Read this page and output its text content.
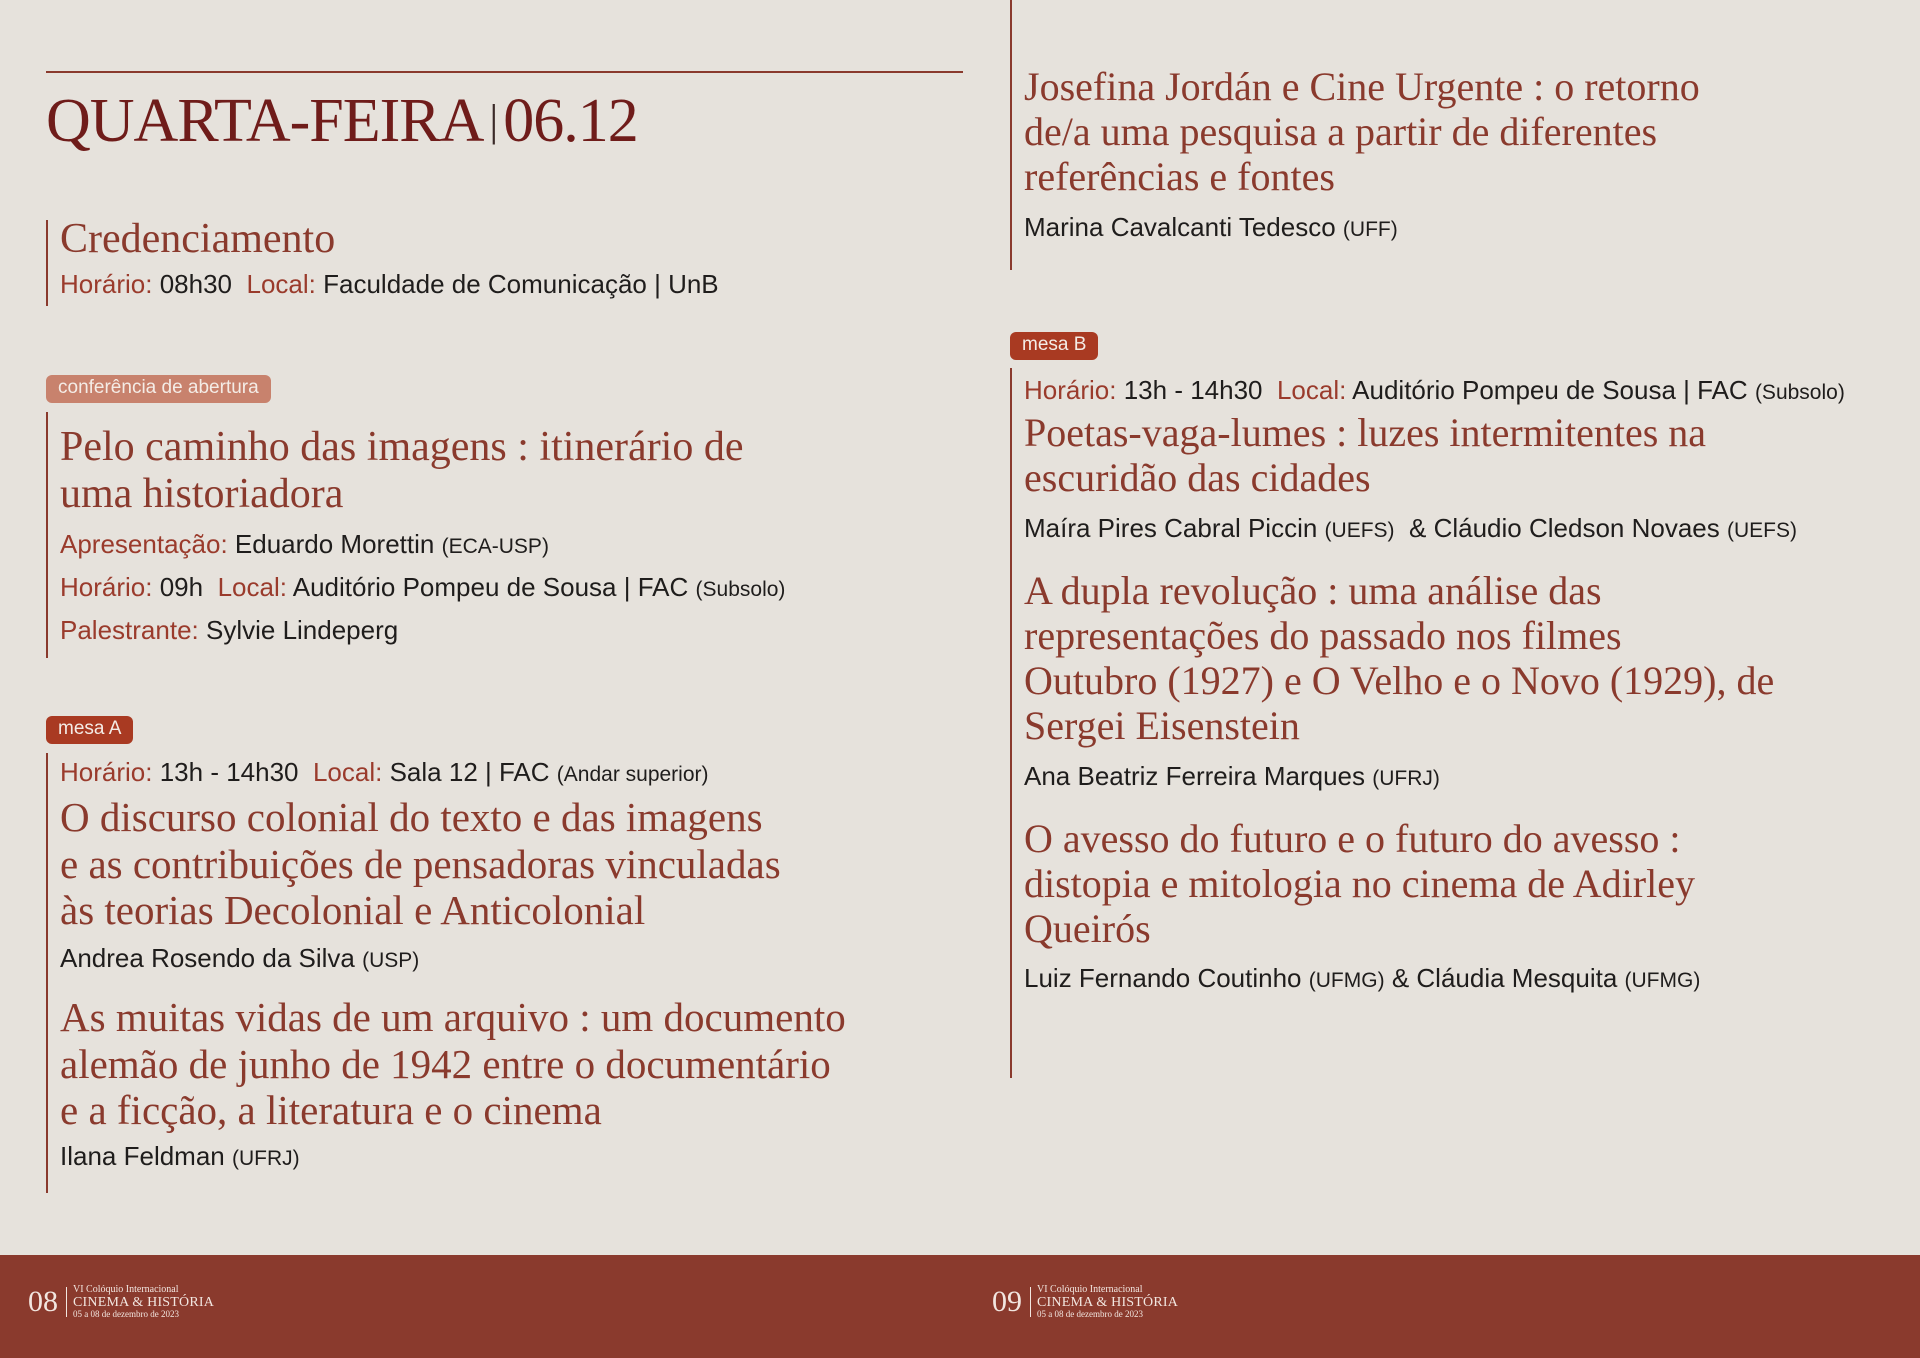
QUARTA-FEIRA |06.12
Credenciamento

Horário: 08h30 Local: Faculdade de Comunicação | UnB

conferência de abertura
Pelo caminho das imagens : itinerário de
uma historiadora

Apresentação: Eduardo Morettin (ECA-USP)

Horário: 09h Local: Auditório Pompeu de Sousa | FAC (Subsolo)

Palestrante: Sylvie Lindeperg

mesa A

Horário: 13h - 14h30 Local: Sala 12 | FAC (Andar superior)

O discurso colonial do texto e das imagens
e as contribuições de pensadoras vinculadas
às teorias Decolonial e Anticolonial

Andrea Rosendo da Silva (USP)

As muitas vidas de um arquivo : um documento
alemão de junho de 1942 entre o documentário
e a ficção, a literatura e o cinema

Ilana Feldman (UFRJ)

Josefina Jordán e Cine Urgente : o retorno
de/a uma pesquisa a partir de diferentes
referências e fontes

Marina Cavalcanti Tedesco (UFF)

mesa B

Horário: 13h - 14h30 Local: Auditório Pompeu de Sousa | FAC (Subsolo)

Poetas-vaga-lumes : luzes intermitentes na
escuridão das cidades

Maíra Pires Cabral Piccin (UEFS) & Cláudio Cledson Novaes (UEFS)

A dupla revolução : uma análise das
representações do passado nos filmes
Outubro (1927) e O Velho e o Novo (1929), de
Sergei Eisenstein

Ana Beatriz Ferreira Marques (UFRJ)

O avesso do futuro e o futuro do avesso :
distopia e mitologia no cinema de Adirley
Queirós

Luiz Fernando Coutinho (UFMG) & Cláudia Mesquita (UFMG)

08	VI Colóquio Internacional
CINEMA & HISTÓRIA
05 a 08 de dezembro de 2023	09	VI Colóquio Internacional
CINEMA & HISTÓRIA
05 a 08 de dezembro de 2023
